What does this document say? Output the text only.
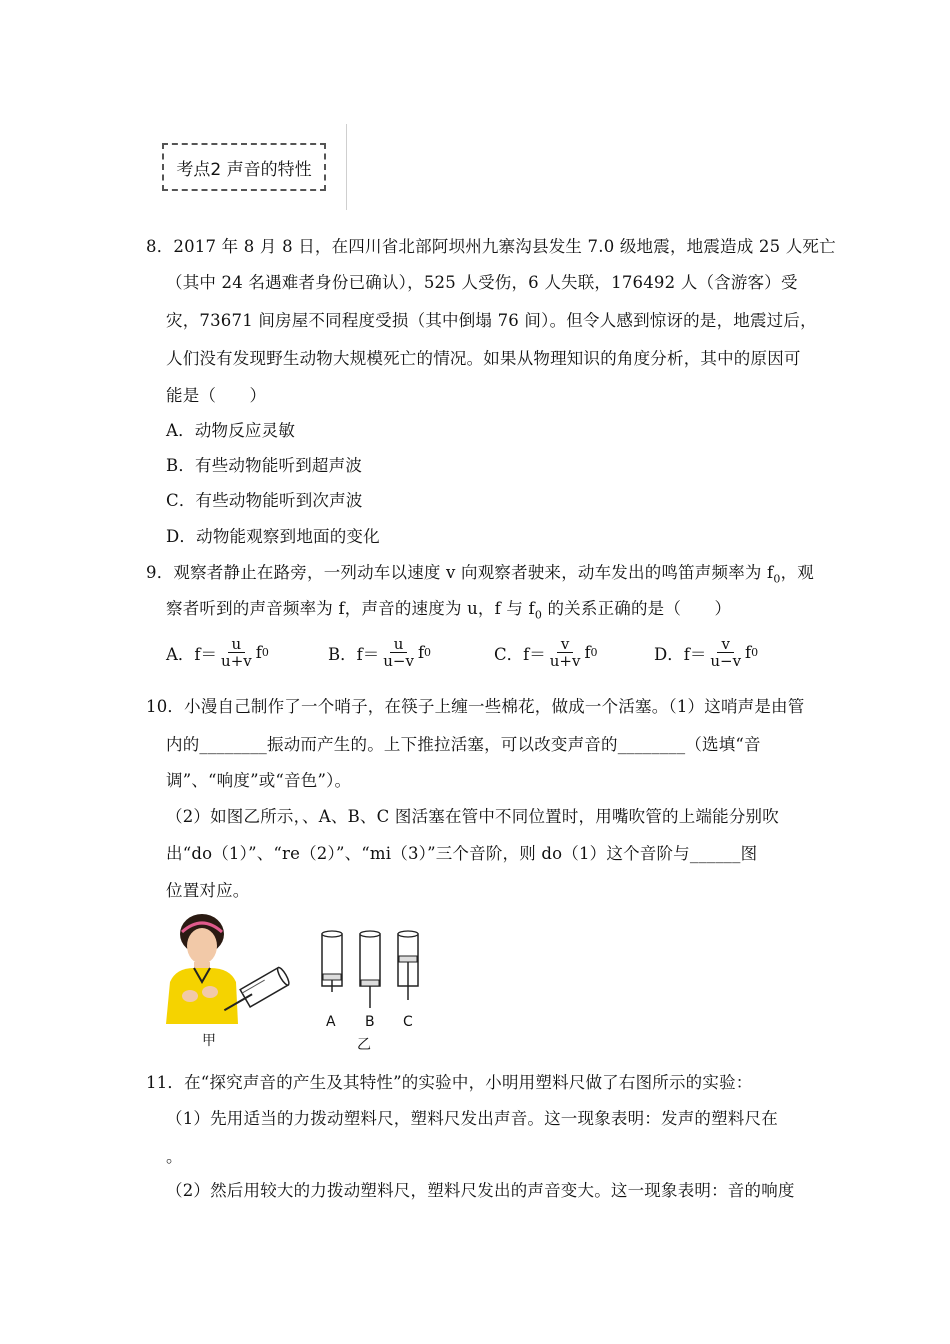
考点2 声音的特性
8．2017 年 8 月 8 日，在四川省北部阿坝州九寨沟县发生 7.0 级地震，地震造成 25 人死亡
（其中 24 名遇难者身份已确认），525 人受伤，6 人失联，176492 人（含游客）受
灾，73671 间房屋不同程度受损（其中倒塌 76 间）。但令人感到惊讶的是，地震过后，
人们没有发现野生动物大规模死亡的情况。如果从物理知识的角度分析，其中的原因可
能是（　　）
A．动物反应灵敏
B．有些动物能听到超声波
C．有些动物能听到次声波
D．动物能观察到地面的变化
9．观察者静止在路旁，一列动车以速度 v 向观察者驶来，动车发出的鸣笛声频率为 $f_0$，观
察者听到的声音频率为 f，声音的速度为 u，f 与 $f_0$ 的关系正确的是（　　）
A．$f= \frac{u}{u+v}$ f 0	B．$f= \frac{u}{u-v}$ f 0	C．$f= \frac{v}{u+v}$ f 0	D．$f= \frac{v}{u-v}$ f 0
10．小漫自己制作了一个哨子，在筷子上缠一些棉花，做成一个活塞。（1）这哨声是由管
内的________振动而产生的。上下推拉活塞，可以改变声音的________（选填“音
调”、“响度”或“音色”）。
（2）如图乙所示，、A、B、C 图活塞在管中不同位置时，用嘴吹管的上端能分别吹
出“do（1）”、“re（2）”、“mi（3）”三个音阶，则 do（1）这个音阶与______图
位置对应。
甲
A B C
乙
11．在“探究声音的产生及其特性”的实验中，小明用塑料尺做了右图所示的实验：
（1）先用适当的力拨动塑料尺，塑料尺发出声音。这一现象表明：发声的塑料尺在
。
（2）然后用较大的力拨动塑料尺，塑料尺发出的声音变大。这一现象表明：音的响度
